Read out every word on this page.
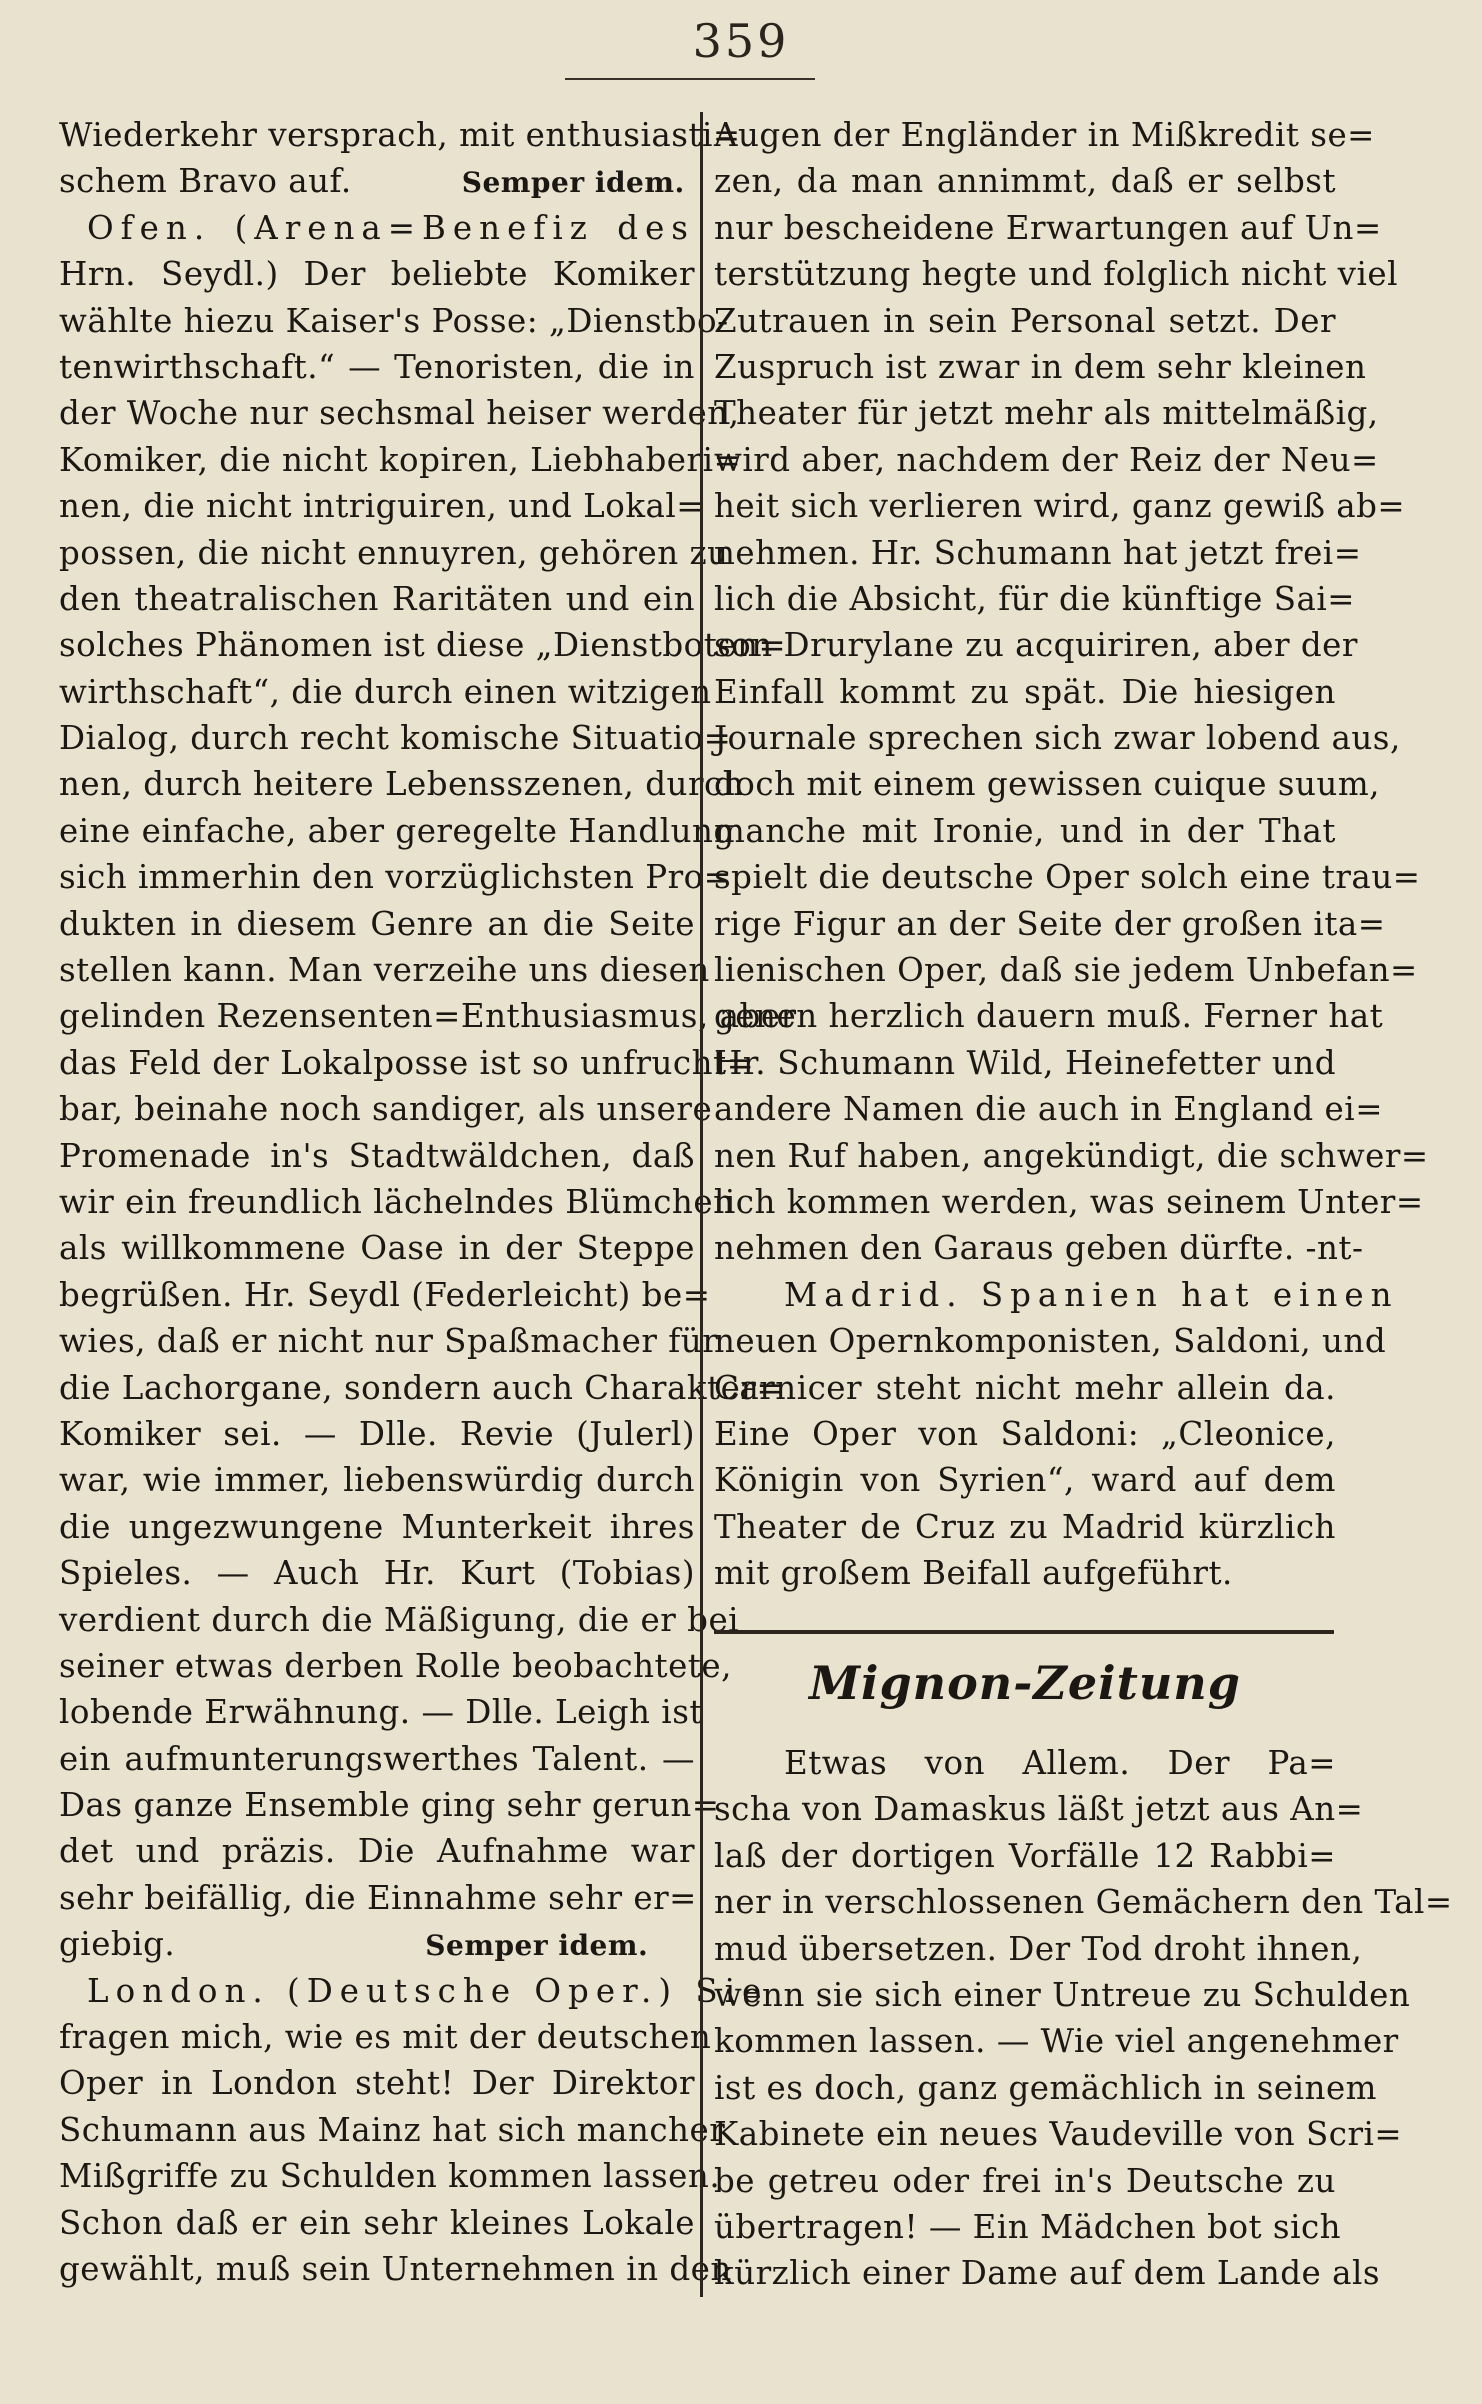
359
Wiederkehr versprach, mit enthusiasti=
schem Bravo auf.	Semper idem.
Ofen. (Arena=Benefiz des
Hrn. Seydl.) Der beliebte Komiker
wählte hiezu Kaiser's Posse: „Dienstbo-
tenwirthschaft.“ — Tenoristen, die in
der Woche nur sechsmal heiser werden,
Komiker, die nicht kopiren, Liebhaberi=
nen, die nicht intriguiren, und Lokal=
possen, die nicht ennuyren, gehören zu
den theatralischen Raritäten und ein
solches Phänomen ist diese „Dienstboten=
wirthschaft“, die durch einen witzigen
Dialog, durch recht komische Situatio=
nen, durch heitere Lebensszenen, durch
eine einfache, aber geregelte Handlung
sich immerhin den vorzüglichsten Pro=
dukten in diesem Genre an die Seite
stellen kann. Man verzeihe uns diesen
gelinden Rezensenten=Enthusiasmus, aber
das Feld der Lokalposse ist so unfrucht=
bar, beinahe noch sandiger, als unsere
Promenade in's Stadtwäldchen, daß
wir ein freundlich lächelndes Blümchen
als willkommene Oase in der Steppe
begrüßen. Hr. Seydl (Federleicht) be=
wies, daß er nicht nur Spaßmacher für
die Lachorgane, sondern auch Charakter=
Komiker sei. — Dlle. Revie (Julerl)
war, wie immer, liebenswürdig durch
die ungezwungene Munterkeit ihres
Spieles. — Auch Hr. Kurt (Tobias)
verdient durch die Mäßigung, die er bei
seiner etwas derben Rolle beobachtete,
lobende Erwähnung. — Dlle. Leigh ist
ein aufmunterungswerthes Talent. —
Das ganze Ensemble ging sehr gerun=
det und präzis. Die Aufnahme war
sehr beifällig, die Einnahme sehr er=
giebig.	Semper idem.
London. (Deutsche Oper.) Sie
fragen mich, wie es mit der deutschen
Oper in London steht! Der Direktor
Schumann aus Mainz hat sich mancher
Mißgriffe zu Schulden kommen lassen.
Schon daß er ein sehr kleines Lokale
gewählt, muß sein Unternehmen in den
Augen der Engländer in Mißkredit se=
zen, da man annimmt, daß er selbst
nur bescheidene Erwartungen auf Un=
terstützung hegte und folglich nicht viel
Zutrauen in sein Personal setzt. Der
Zuspruch ist zwar in dem sehr kleinen
Theater für jetzt mehr als mittelmäßig,
wird aber, nachdem der Reiz der Neu=
heit sich verlieren wird, ganz gewiß ab=
nehmen. Hr. Schumann hat jetzt frei=
lich die Absicht, für die künftige Sai=
son Drurylane zu acquiriren, aber der
Einfall kommt zu spät. Die hiesigen
Journale sprechen sich zwar lobend aus,
doch mit einem gewissen cuique suum,
manche mit Ironie, und in der That
spielt die deutsche Oper solch eine trau=
rige Figur an der Seite der großen ita=
lienischen Oper, daß sie jedem Unbefan=
genen herzlich dauern muß. Ferner hat
Hr. Schumann Wild, Heinefetter und
andere Namen die auch in England ei=
nen Ruf haben, angekündigt, die schwer=
lich kommen werden, was seinem Unter=
nehmen den Garaus geben dürfte. -nt-
Madrid. Spanien hat einen
neuen Opernkomponisten, Saldoni, und
Carnicer steht nicht mehr allein da.
Eine Oper von Saldoni: „Cleonice,
Königin von Syrien“, ward auf dem
Theater de Cruz zu Madrid kürzlich
mit großem Beifall aufgeführt.
Mignon-Zeitung
Etwas von Allem. Der Pa=
scha von Damaskus läßt jetzt aus An=
laß der dortigen Vorfälle 12 Rabbi=
ner in verschlossenen Gemächern den Tal=
mud übersetzen. Der Tod droht ihnen,
wenn sie sich einer Untreue zu Schulden
kommen lassen. — Wie viel angenehmer
ist es doch, ganz gemächlich in seinem
Kabinete ein neues Vaudeville von Scri=
be getreu oder frei in's Deutsche zu
übertragen! — Ein Mädchen bot sich
kürzlich einer Dame auf dem Lande als
